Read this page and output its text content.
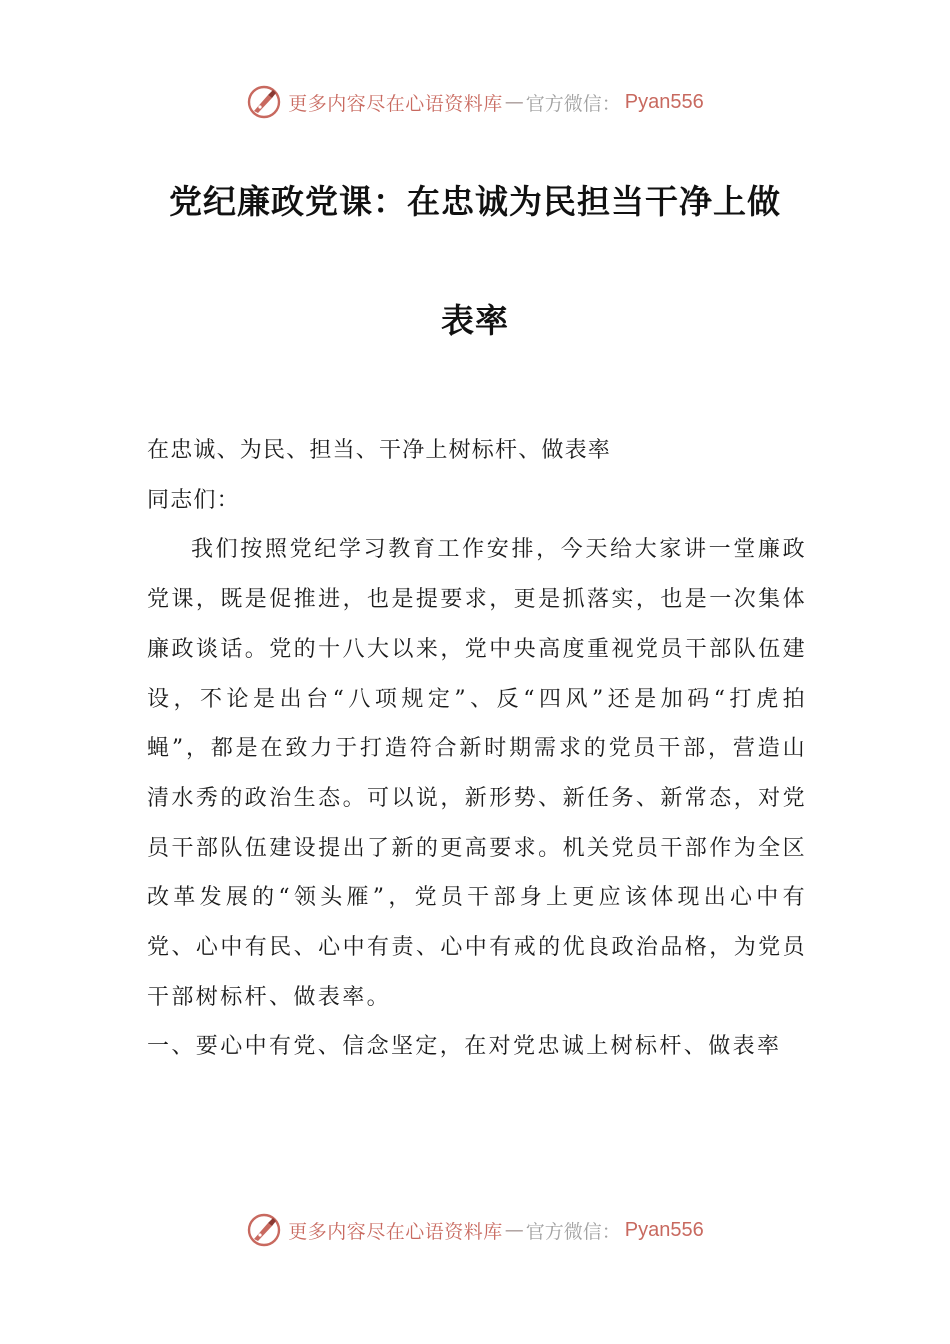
更多内容尽在心语资料库 — 官方微信： Pyan556
党纪廉政党课：在忠诚为民担当干净上做
表率

在忠诚、为民、担当、干净上树标杆、做表率

同志们：

我们按照党纪学习教育工作安排，今天给大家讲一堂廉政党课，既是促推进，也是提要求，更是抓落实，也是一次集体廉政谈话。党的十八大以来，党中央高度重视党员干部队伍建设，不论是出台“八项规定”、反“四风”还是加码“打虎拍蝇”，都是在致力于打造符合新时期需求的党员干部，营造山清水秀的政治生态。可以说，新形势、新任务、新常态，对党员干部队伍建设提出了新的更高要求。机关党员干部作为全区改革发展的“领头雁”，党员干部身上更应该体现出心中有党、心中有民、心中有责、心中有戒的优良政治品格，为党员干部树标杆、做表率。

一、要心中有党、信念坚定，在对党忠诚上树标杆、做表率

更多内容尽在心语资料库 — 官方微信： Pyan556
